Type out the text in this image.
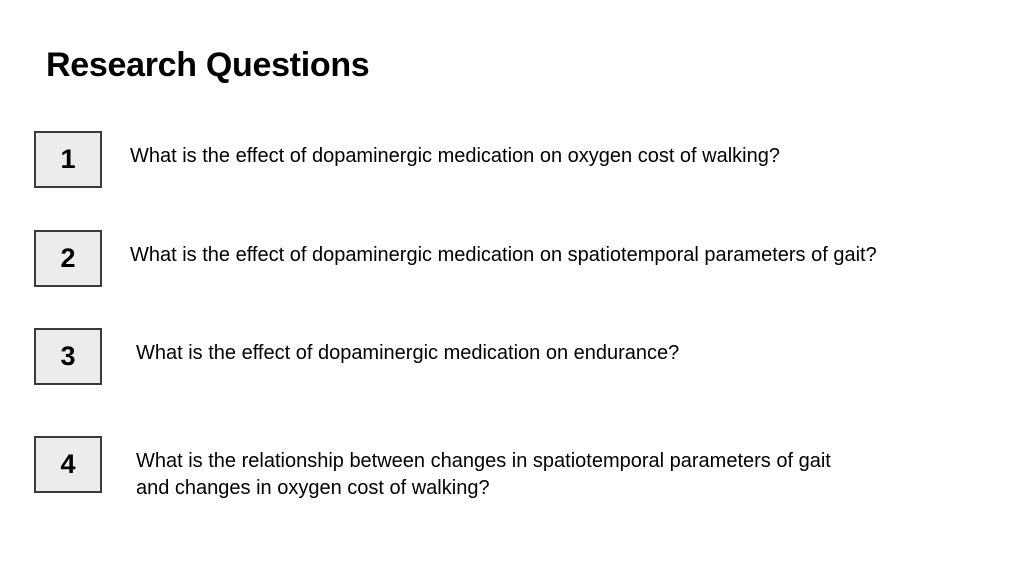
Research Questions
1	What is the effect of dopaminergic medication on oxygen cost of walking?
2	What is the effect of dopaminergic medication on spatiotemporal parameters of gait?
3	What is the effect of dopaminergic medication on endurance?
4	What is the relationship between changes in spatiotemporal parameters of gait
and changes in oxygen cost of walking?
